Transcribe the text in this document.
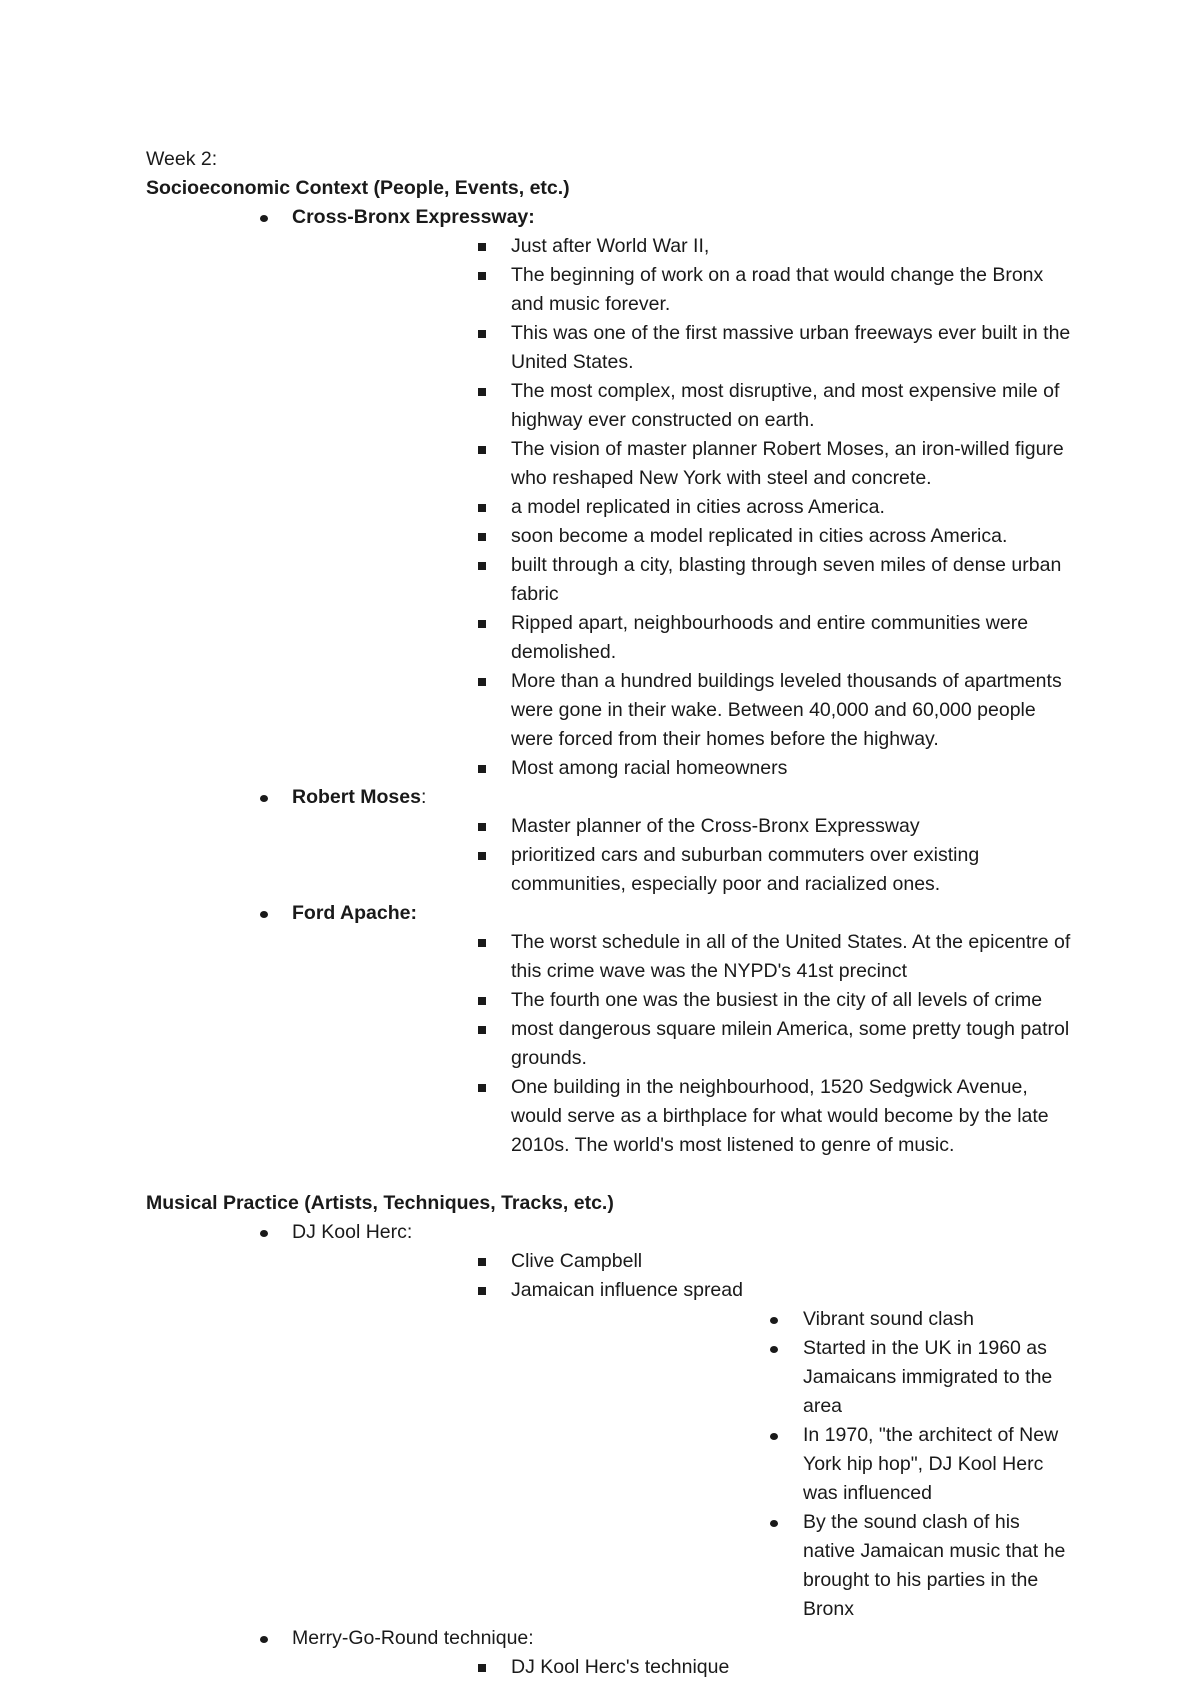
Week 2:

Socioeconomic Context (People, Events, etc.)

Cross-Bronx Expressway:
Just after World War II,
The beginning of work on a road that would change the Bronx and music forever.
This was one of the first massive urban freeways ever built in the United States.
The most complex, most disruptive, and most expensive mile of highway ever constructed on earth.
The vision of master planner Robert Moses, an iron-willed figure who reshaped New York with steel and concrete.
a model replicated in cities across America.
soon become a model replicated in cities across America.
built through a city, blasting through seven miles of dense urban fabric
Ripped apart, neighbourhoods and entire communities were demolished.
More than a hundred buildings leveled thousands of apartments were gone in their wake. Between 40,000 and 60,000 people were forced from their homes before the highway.
Most among racial homeowners
Robert Moses:
Master planner of the Cross-Bronx Expressway
prioritized cars and suburban commuters over existing communities, especially poor and racialized ones.
Ford Apache:
The worst schedule in all of the United States. At the epicentre of this crime wave was the NYPD's 41st precinct
The fourth one was the busiest in the city of all levels of crime
most dangerous square milein America, some pretty tough patrol grounds.
One building in the neighbourhood, 1520 Sedgwick Avenue, would serve as a birthplace for what would become by the late 2010s. The world's most listened to genre of music.

Musical Practice (Artists, Techniques, Tracks, etc.)

DJ Kool Herc:
Clive Campbell
Jamaican influence spread
Vibrant sound clash
Started in the UK in 1960 as Jamaicans immigrated to the area
In 1970, "the architect of New York hip hop", DJ Kool Herc was influenced
By the sound clash of his native Jamaican music that he brought to his parties in the Bronx
Merry-Go-Round technique:
DJ Kool Herc's technique
